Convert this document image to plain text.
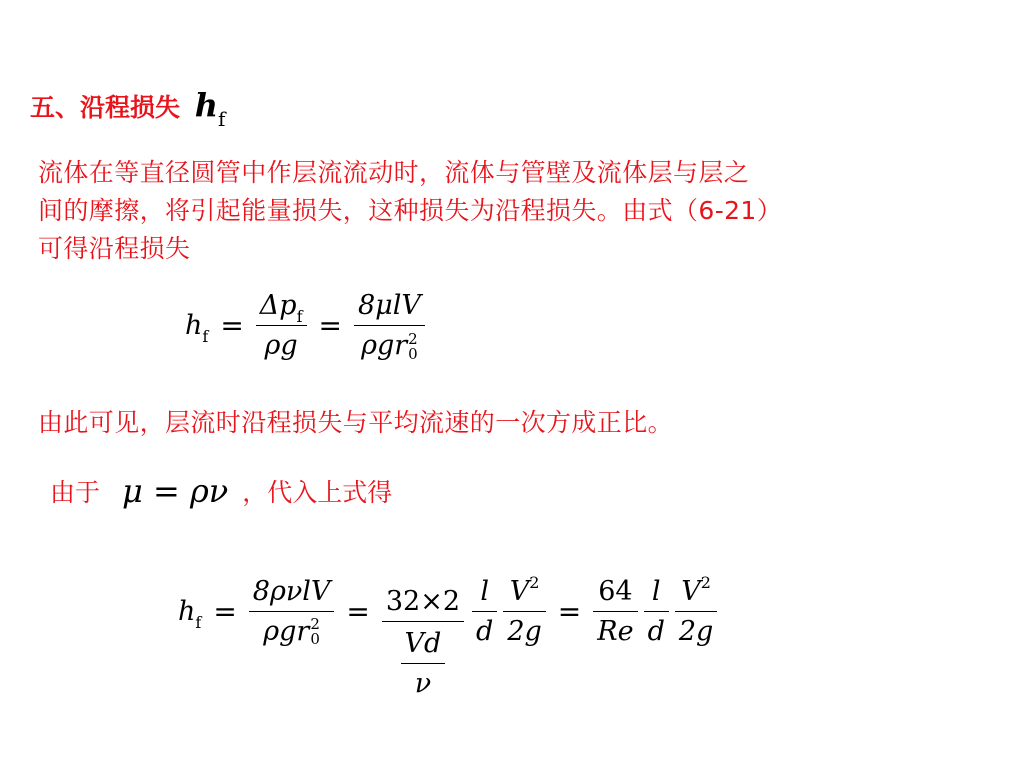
五、沿程损失 $h_f$
流体在等直径圆管中作层流流动时，流体与管壁及流体层与层之
间的摩擦，将引起能量损失，这种损失为沿程损失。由式（6-21）
可得沿程损失
$h_f = \frac{\Delta p_f}{\rho g} = 8\mu lV$
ρgr 2
0
由此可见，层流时沿程损失与平均流速的一次方成正比。
由于 μ = ρν ，代入上式得
$h_f = 8\rho\nu lV$
ρgr 2
$0 = \frac{32\times 2}{\frac{Vd}{\nu}} \frac{l}{d} \frac{V^2}{2g} = \frac{64}{Re} \frac{l}{d} \frac{V^2}{2g}$
